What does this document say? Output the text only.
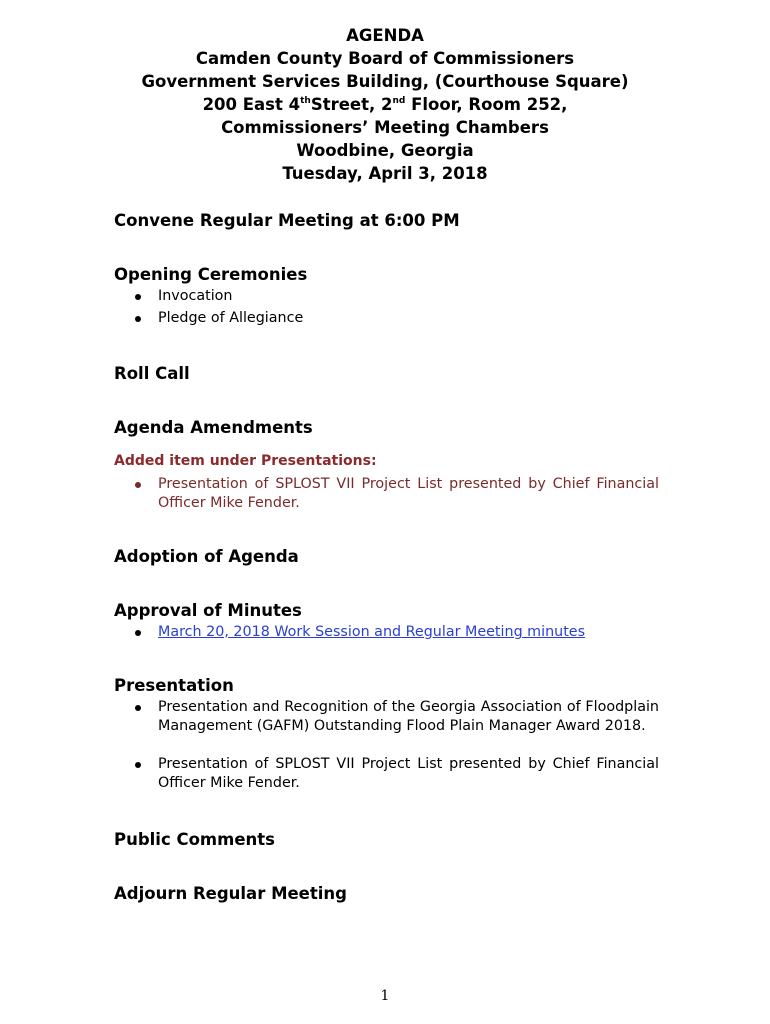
AGENDA

Camden County Board of Commissioners

Government Services Building, (Courthouse Square)

200 East 4thStreet, 2nd Floor, Room 252,

Commissioners’ Meeting Chambers

Woodbine, Georgia

Tuesday, April 3, 2018

Convene Regular Meeting at 6:00 PM

Opening Ceremonies

Invocation
Pledge of Allegiance

Roll Call

Agenda Amendments

Added item under Presentations:

Presentation of SPLOST VII Project List presented by Chief Financial Officer Mike Fender.

Adoption of Agenda

Approval of Minutes

March 20, 2018 Work Session and Regular Meeting minutes

Presentation

Presentation and Recognition of the Georgia Association of Floodplain Management (GAFM) Outstanding Flood Plain Manager Award 2018.
Presentation of SPLOST VII Project List presented by Chief Financial Officer Mike Fender.

Public Comments

Adjourn Regular Meeting

1
